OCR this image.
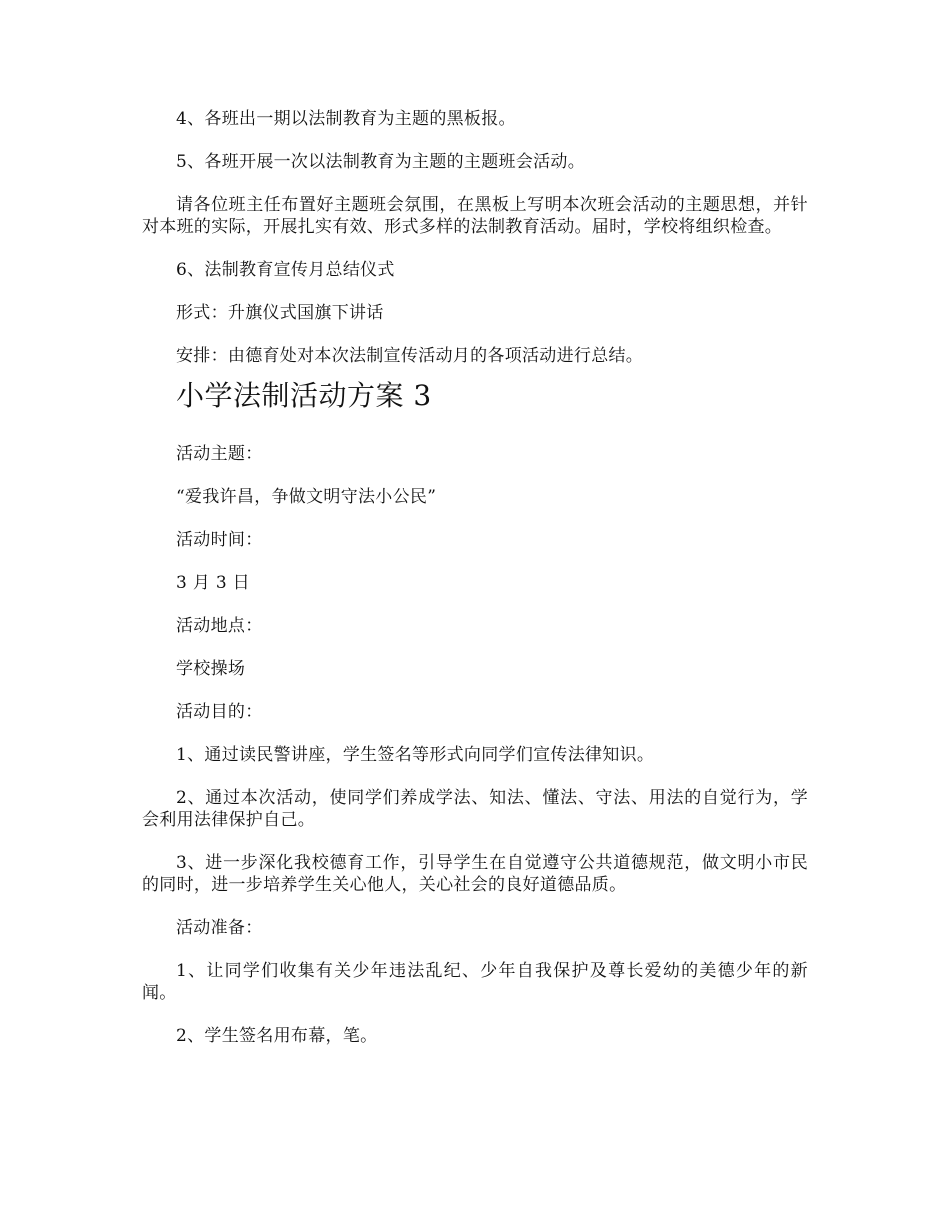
4、各班出一期以法制教育为主题的黑板报。

5、各班开展一次以法制教育为主题的主题班会活动。

请各位班主任布置好主题班会氛围，在黑板上写明本次班会活动的主题思想，并针对本班的实际，开展扎实有效、形式多样的法制教育活动。届时，学校将组织检查。

6、法制教育宣传月总结仪式

形式：升旗仪式国旗下讲话

安排：由德育处对本次法制宣传活动月的各项活动进行总结。

小学法制活动方案 3

活动主题：

“爱我许昌，争做文明守法小公民”

活动时间：

3 月 3 日

活动地点：

学校操场

活动目的：

1、通过读民警讲座，学生签名等形式向同学们宣传法律知识。

2、通过本次活动，使同学们养成学法、知法、懂法、守法、用法的自觉行为，学会利用法律保护自己。

3、进一步深化我校德育工作，引导学生在自觉遵守公共道德规范，做文明小市民的同时，进一步培养学生关心他人，关心社会的良好道德品质。

活动准备：

1、让同学们收集有关少年违法乱纪、少年自我保护及尊长爱幼的美德少年的新闻。

2、学生签名用布幕，笔。
